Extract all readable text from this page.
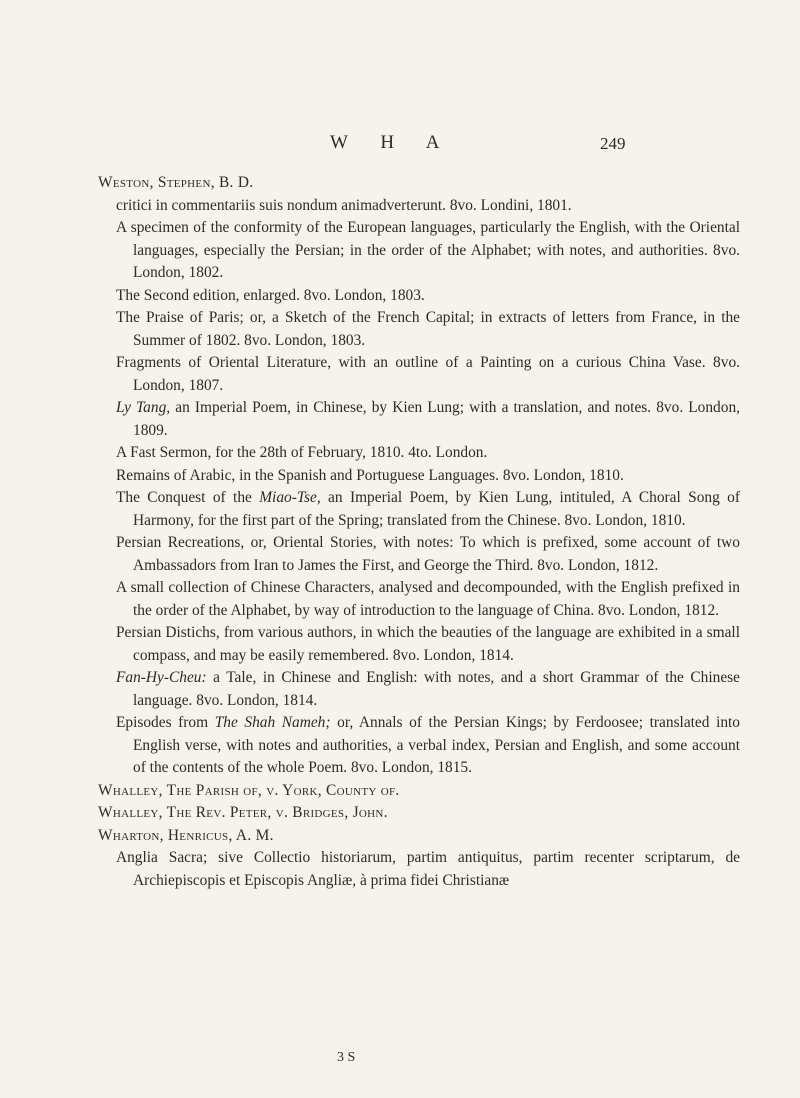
W H A	249

Weston, Stephen, B. D.

critici in commentariis suis nondum animadverterunt. 8vo. Londini, 1801.

A specimen of the conformity of the European languages, particularly the English, with the Oriental languages, especially the Persian; in the order of the Alphabet; with notes, and authorities. 8vo. London, 1802.

The Second edition, enlarged. 8vo. London, 1803.

The Praise of Paris; or, a Sketch of the French Capital; in extracts of letters from France, in the Summer of 1802. 8vo. London, 1803.

Fragments of Oriental Literature, with an outline of a Painting on a curious China Vase. 8vo. London, 1807.

Ly Tang, an Imperial Poem, in Chinese, by Kien Lung; with a translation, and notes. 8vo. London, 1809.

A Fast Sermon, for the 28th of February, 1810. 4to. London.

Remains of Arabic, in the Spanish and Portuguese Languages. 8vo. London, 1810.

The Conquest of the Miao-Tse, an Imperial Poem, by Kien Lung, intituled, A Choral Song of Harmony, for the first part of the Spring; translated from the Chinese. 8vo. London, 1810.

Persian Recreations, or, Oriental Stories, with notes: To which is prefixed, some account of two Ambassadors from Iran to James the First, and George the Third. 8vo. London, 1812.

A small collection of Chinese Characters, analysed and decompounded, with the English prefixed in the order of the Alphabet, by way of introduction to the language of China. 8vo. London, 1812.

Persian Distichs, from various authors, in which the beauties of the language are exhibited in a small compass, and may be easily remembered. 8vo. London, 1814.

Fan-Hy-Cheu: a Tale, in Chinese and English: with notes, and a short Grammar of the Chinese language. 8vo. London, 1814.

Episodes from The Shah Nameh; or, Annals of the Persian Kings; by Ferdoosee; translated into English verse, with notes and authorities, a verbal index, Persian and English, and some account of the contents of the whole Poem. 8vo. London, 1815.

Whalley, The Parish of, v. York, County of.

Whalley, The Rev. Peter, v. Bridges, John.

Wharton, Henricus, A. M.

Anglia Sacra; sive Collectio historiarum, partim antiquitus, partim recenter scriptarum, de Archiepiscopis et Episcopis Angliæ, à prima fidei Christianæ

3 S
